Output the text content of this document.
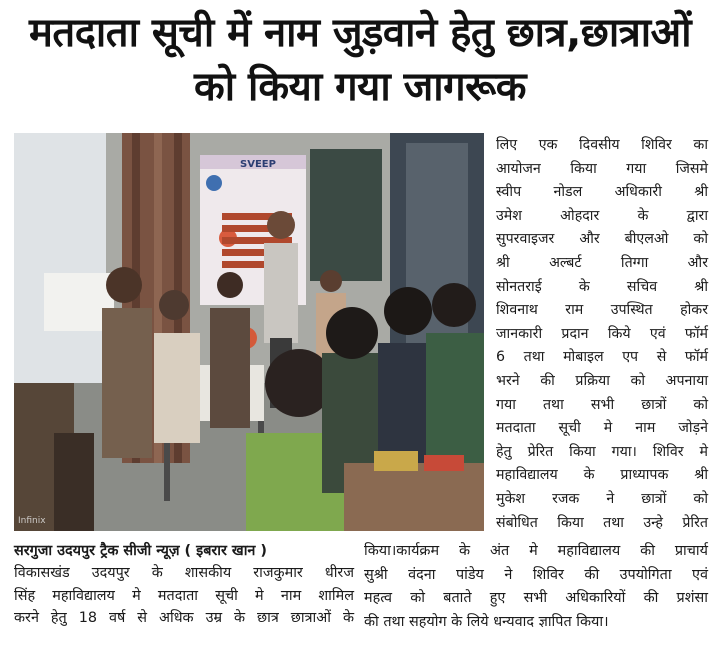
मतदाता सूची में नाम जुड़वाने हेतु छात्र,छात्राओं
को किया गया जागरूक
SVEEP
Infinix
लिए एक दिवसीय शिविर का
आयोजन किया गया जिसमे
स्वीप नोडल अधिकारी श्री
उमेश ओहदार के द्वारा
सुपरवाइजर और बीएलओ को
श्री अल्बर्ट तिग्गा और
सोनतराई के सचिव श्री
शिवनाथ राम उपस्थित होकर
जानकारी प्रदान किये एवं फॉर्म
6 तथा मोबाइल एप से फॉर्म
भरने की प्रक्रिया को अपनाया
गया तथा सभी छात्रों को
मतदाता सूची मे नाम जोड़ने
हेतु प्रेरित किया गया। शिविर मे
महाविद्यालय के प्राध्यापक श्री
मुकेश रजक ने छात्रों को
संबोधित किया तथा उन्हे प्रेरित
सरगुजा उदयपुर ट्रैक सीजी न्यूज़ ( इबरार खान )
विकासखंड उदयपुर के शासकीय राजकुमार धीरज
सिंह महाविद्यालय मे मतदाता सूची मे नाम शामिल
करने हेतु 18 वर्ष से अधिक उम्र के छात्र छात्राओं के
किया।कार्यक्रम के अंत मे महाविद्यालय की प्राचार्य
सुश्री वंदना पांडेय ने शिविर की उपयोगिता एवं
महत्व को बताते हुए सभी अधिकारियों की प्रशंसा
की तथा सहयोग के लिये धन्यवाद ज्ञापित किया।
